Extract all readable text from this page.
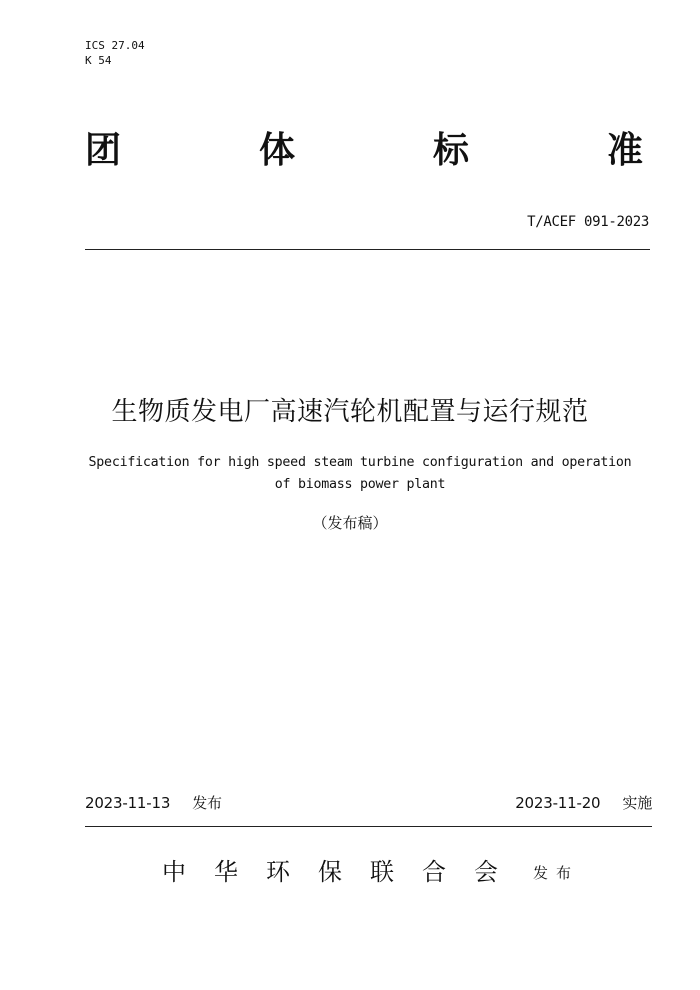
ICS 27.04
K 54
团	体	标	准
T/ACEF 091-2023
生物质发电厂高速汽轮机配置与运行规范
Specification for high speed steam turbine configuration and operation
of biomass power plant
（发布稿）
2023-11-13 发布	2023-11-20 实施
中华环保联合会 发布
